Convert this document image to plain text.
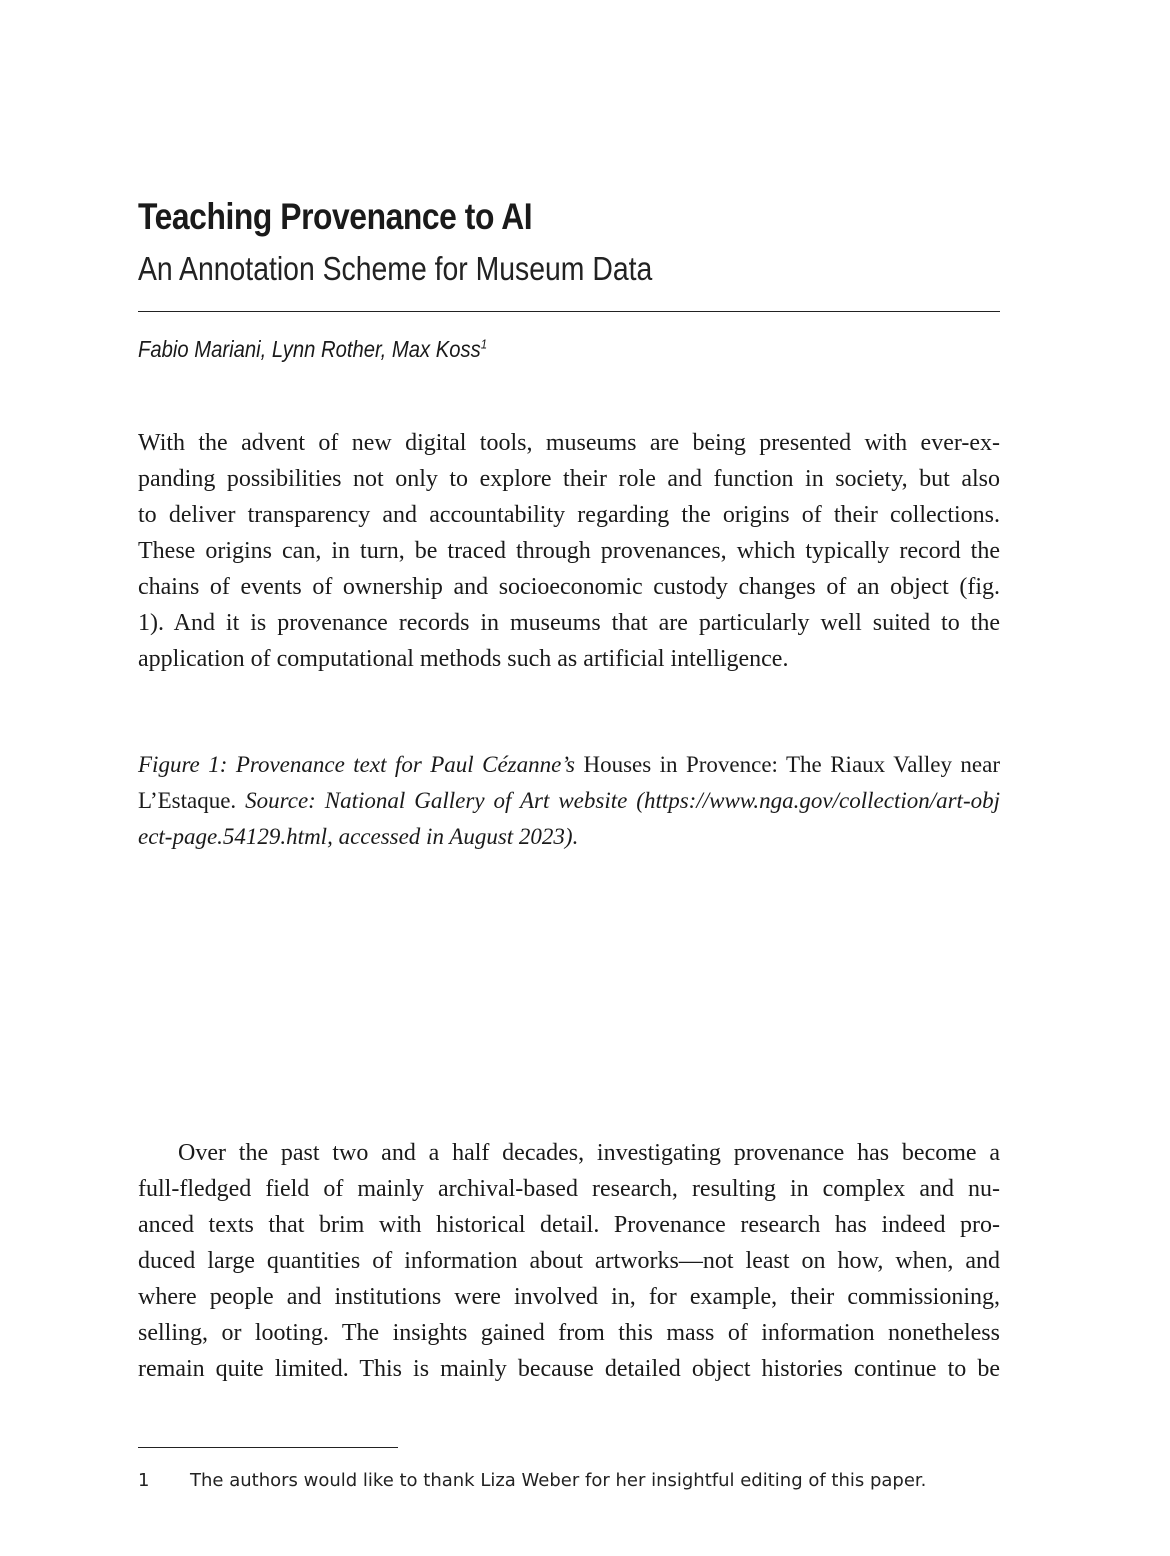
Teaching Provenance to AI
An Annotation Scheme for Museum Data
Fabio Mariani, Lynn Rother, Max Koss$^1$
With the advent of new digital tools, museums are being presented with ever-ex-
panding possibilities not only to explore their role and function in society, but also
to deliver transparency and accountability regarding the origins of their collections.
These origins can, in turn, be traced through provenances, which typically record the
chains of events of ownership and socioeconomic custody changes of an object (fig.
1). And it is provenance records in museums that are particularly well suited to the
application of computational methods such as artificial intelligence.
Figure 1: Provenance text for Paul Cézanne’s Houses in Provence: The Riaux Valley near
L’Estaque. Source: National Gallery of Art website (https://www.nga.gov/collection/art-obj
ect-page.54129.html, accessed in August 2023).
Over the past two and a half decades, investigating provenance has become a
full-fledged field of mainly archival-based research, resulting in complex and nu-
anced texts that brim with historical detail. Provenance research has indeed pro-
duced large quantities of information about artworks—not least on how, when, and
where people and institutions were involved in, for example, their commissioning,
selling, or looting. The insights gained from this mass of information nonetheless
remain quite limited. This is mainly because detailed object histories continue to be
1 The authors would like to thank Liza Weber for her insightful editing of this paper.
